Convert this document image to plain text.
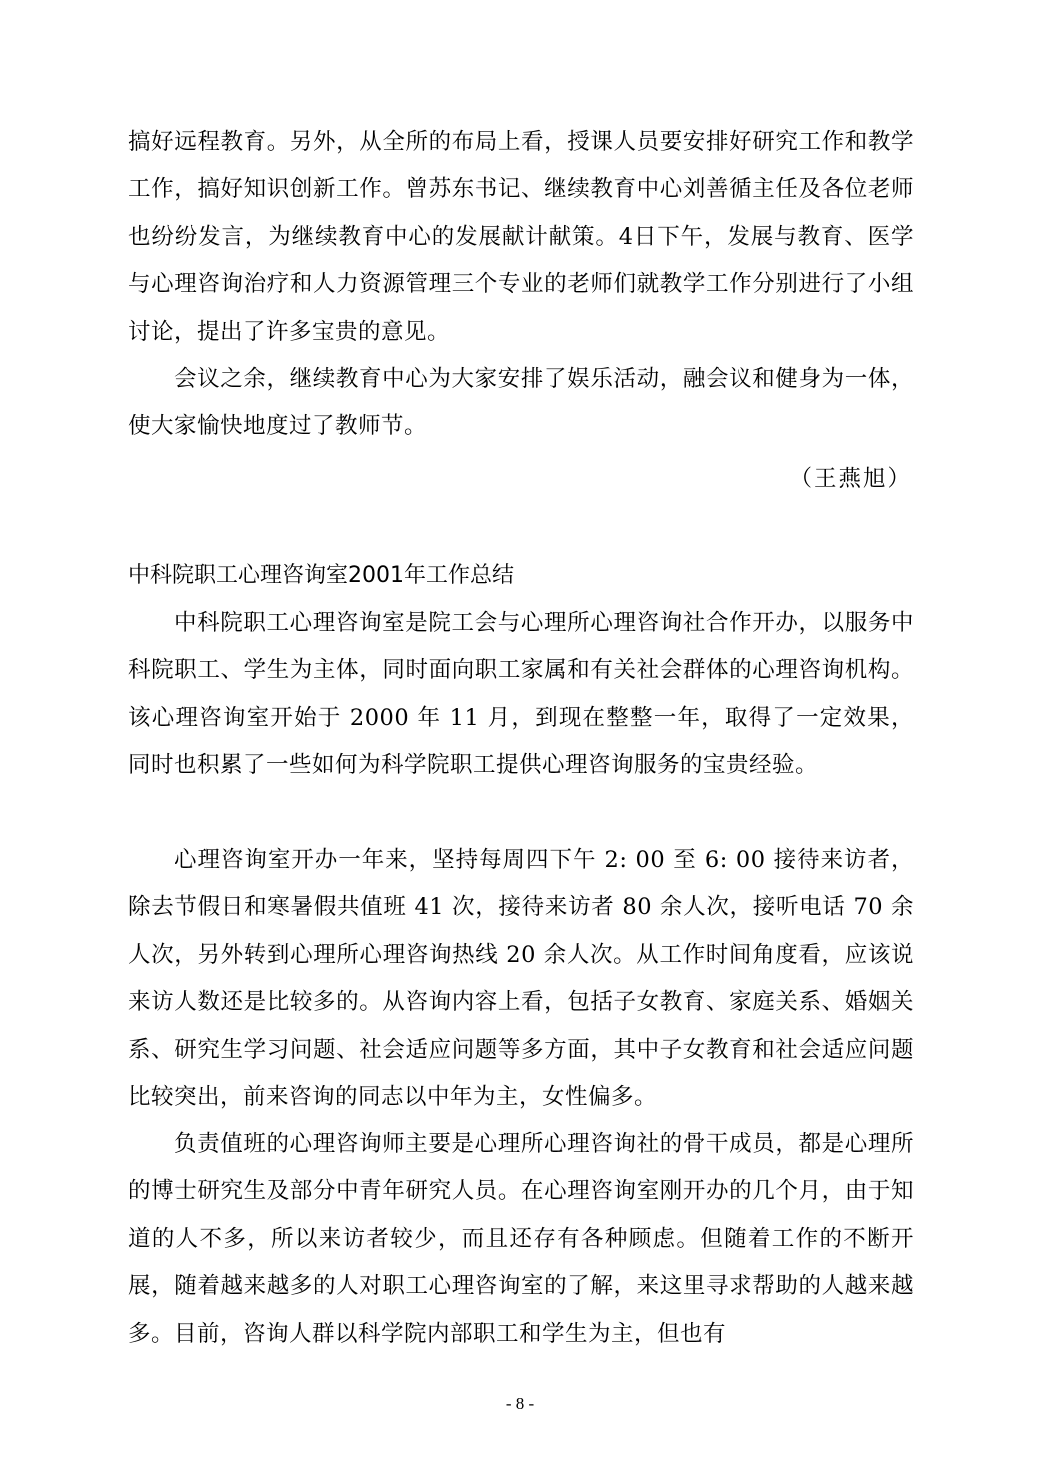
搞好远程教育。另外，从全所的布局上看，授课人员要安排好研究工作和教学工作，搞好知识创新工作。曾苏东书记、继续教育中心刘善循主任及各位老师也纷纷发言，为继续教育中心的发展献计献策。4日下午，发展与教育、医学与心理咨询治疗和人力资源管理三个专业的老师们就教学工作分别进行了小组讨论，提出了许多宝贵的意见。

会议之余，继续教育中心为大家安排了娱乐活动，融会议和健身为一体，使大家愉快地度过了教师节。

（王燕旭）
中科院职工心理咨询室2001年工作总结

中科院职工心理咨询室是院工会与心理所心理咨询社合作开办，以服务中科院职工、学生为主体，同时面向职工家属和有关社会群体的心理咨询机构。该心理咨询室开始于 2000 年 11 月，到现在整整一年，取得了一定效果，同时也积累了一些如何为科学院职工提供心理咨询服务的宝贵经验。

心理咨询室开办一年来，坚持每周四下午 2: 00 至 6: 00 接待来访者，除去节假日和寒暑假共值班 41 次，接待来访者 80 余人次，接听电话 70 余人次，另外转到心理所心理咨询热线 20 余人次。从工作时间角度看，应该说来访人数还是比较多的。从咨询内容上看，包括子女教育、家庭关系、婚姻关系、研究生学习问题、社会适应问题等多方面，其中子女教育和社会适应问题比较突出，前来咨询的同志以中年为主，女性偏多。

负责值班的心理咨询师主要是心理所心理咨询社的骨干成员，都是心理所的博士研究生及部分中青年研究人员。在心理咨询室刚开办的几个月，由于知道的人不多，所以来访者较少，而且还存有各种顾虑。但随着工作的不断开展，随着越来越多的人对职工心理咨询室的了解，来这里寻求帮助的人越来越多。目前，咨询人群以科学院内部职工和学生为主，但也有

- 8 -
